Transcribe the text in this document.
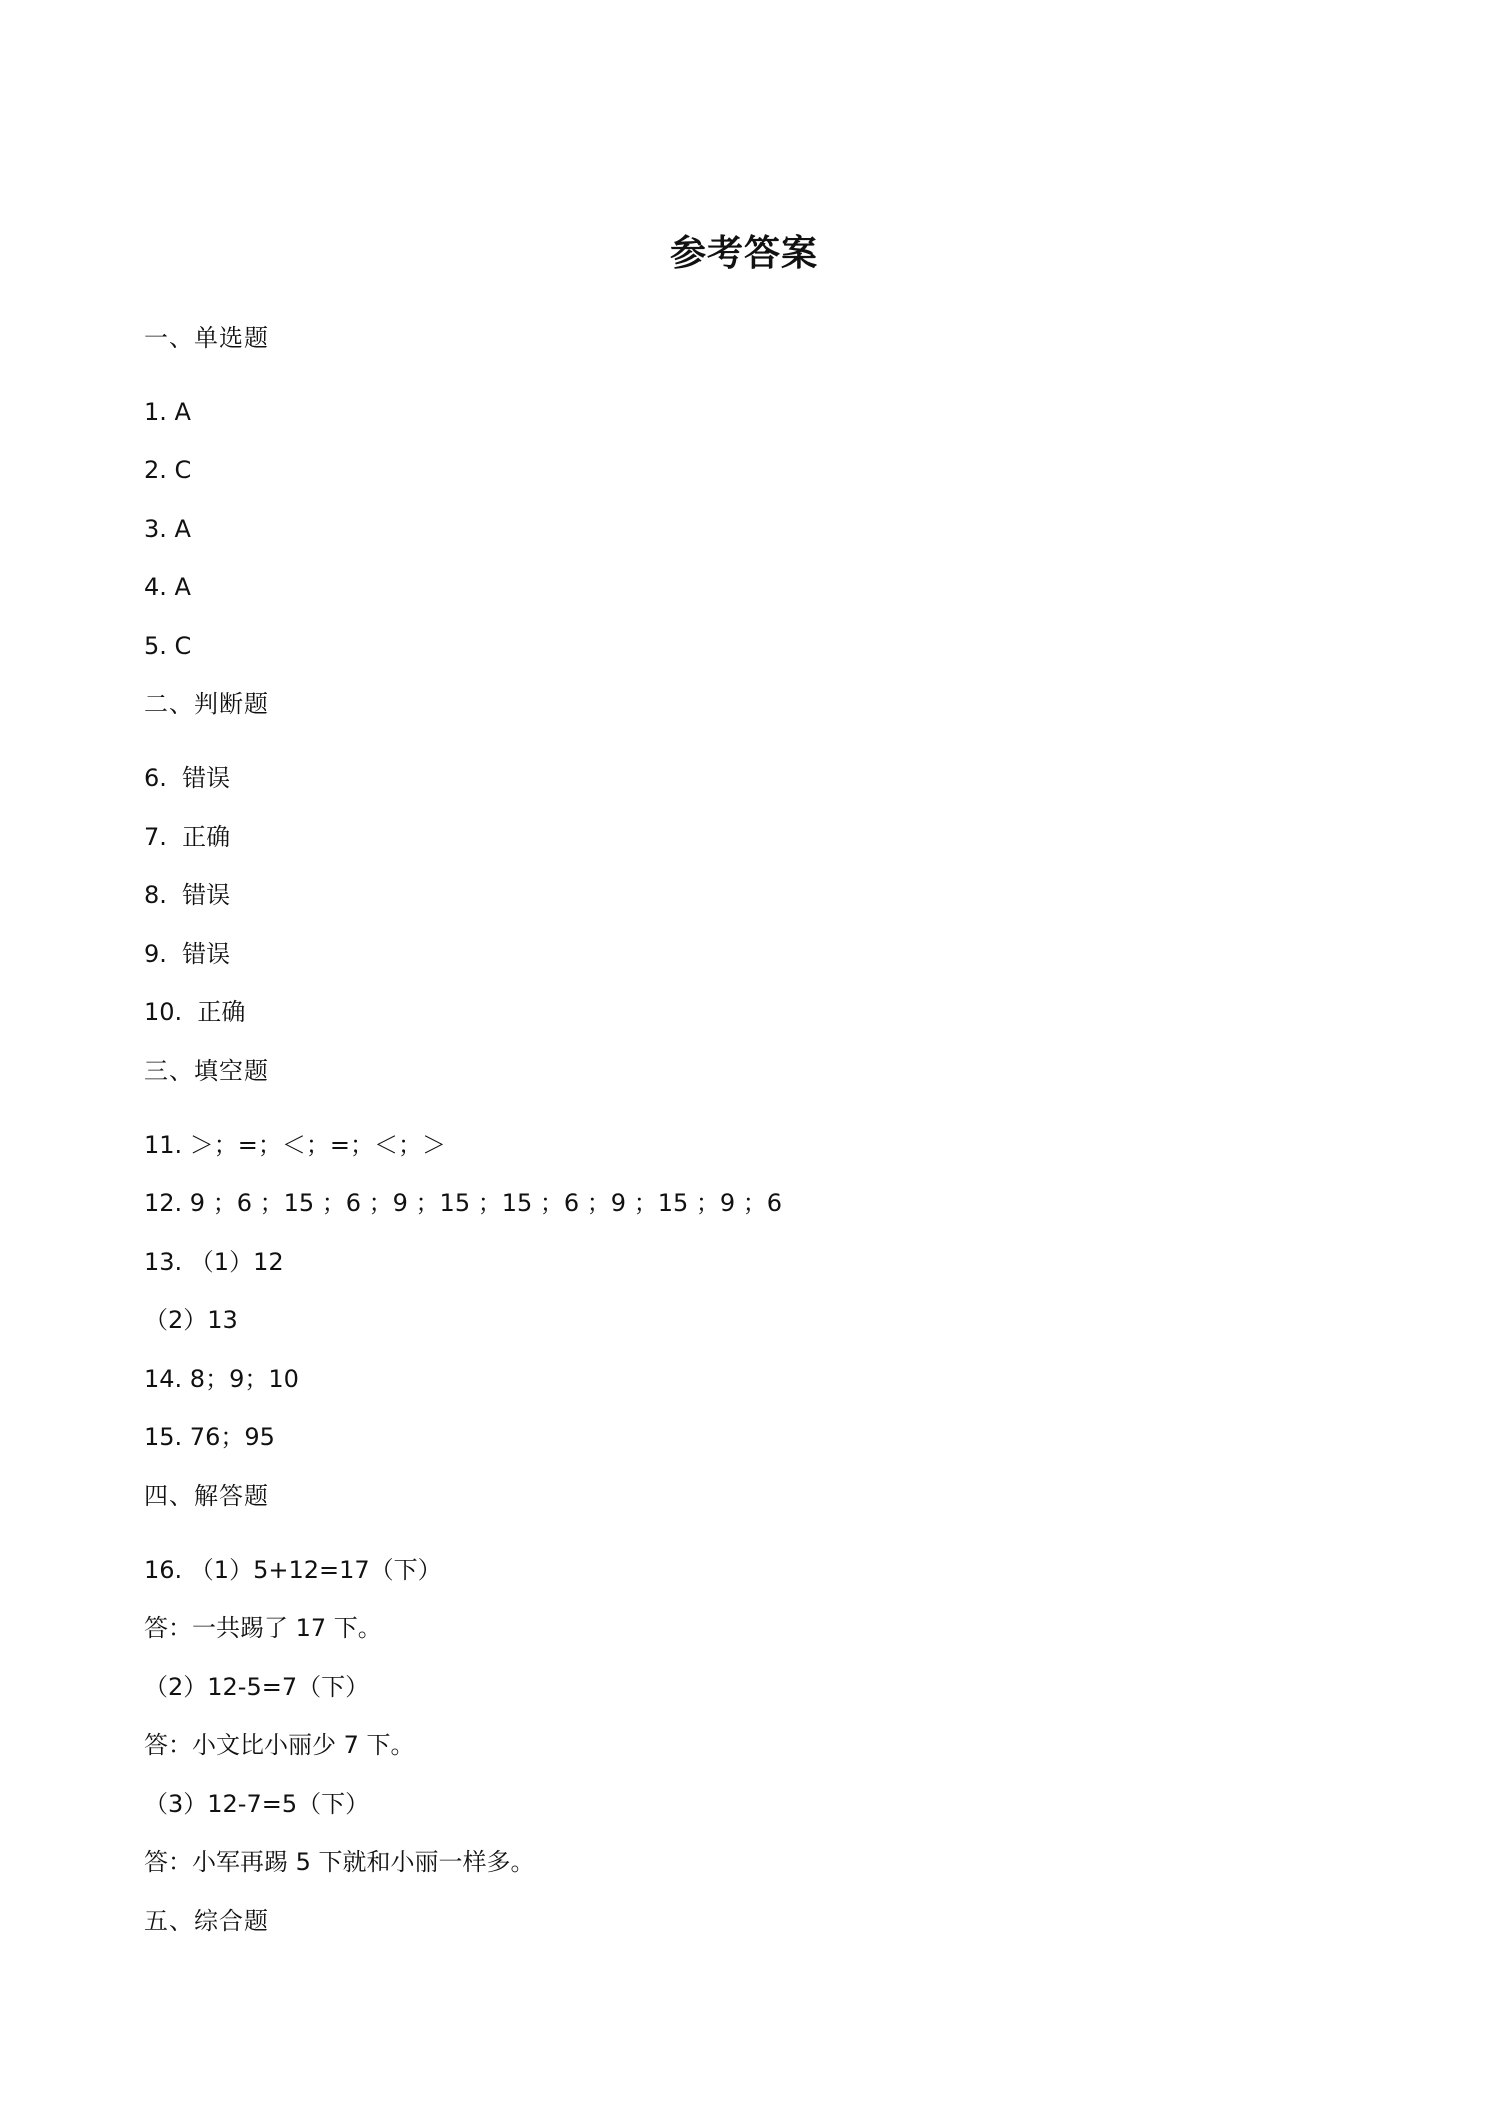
参考答案
一、单选题
1. A
2. C
3. A
4. A
5. C
二、判断题
6.  错误
7.  正确
8.  错误
9.  错误
10.  正确
三、填空题
11. ＞；=；＜；=；＜；＞
12. 9 ；6 ；15 ；6 ；9 ；15 ；15 ；6 ；9 ；15 ；9 ；6
13. （1）12
（2）13
14. 8；9；10
15. 76；95
四、解答题
16. （1）5+12=17（下）
答：一共踢了 17 下。
（2）12-5=7（下）
答：小文比小丽少 7 下。
（3）12-7=5（下）
答：小军再踢 5 下就和小丽一样多。
五、综合题
